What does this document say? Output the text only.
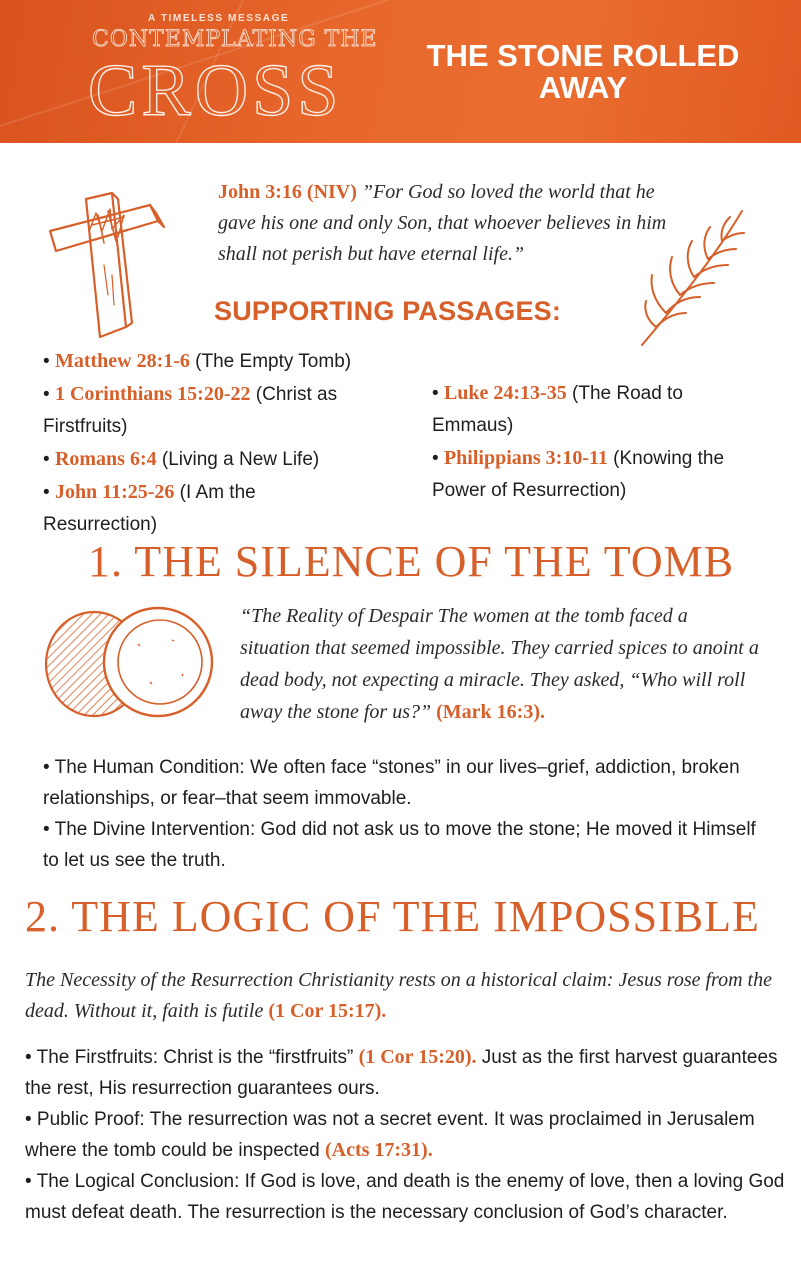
A TIMELESS MESSAGE
CONTEMPLATING THE
CROSS	THE STONE ROLLED AWAY
John 3:16 (NIV) ”For God so loved the world that he gave his one and only Son, that whoever believes in him shall not perish but have eternal life.”
SUPPORTING PASSAGES:

• Matthew 28:1-6 (The Empty Tomb)

• 1 Corinthians 15:20-22 (Christ as Firstfruits)

• Romans 6:4 (Living a New Life)

• John 11:25-26 (I Am the Resurrection)

• Luke 24:13-35 (The Road to Emmaus)

• Philippians 3:10-11 (Knowing the Power of Resurrection)

1. THE SILENCE OF THE TOMB
“The Reality of Despair The women at the tomb faced a situation that seemed impossible. They carried spices to anoint a dead body, not expecting a miracle. They asked, “Who will roll away the stone for us?” (Mark 16:3).

• The Human Condition: We often face “stones” in our lives–grief, addiction, broken relationships, or fear–that seem immovable.

• The Divine Intervention: God did not ask us to move the stone; He moved it Himself to let us see the truth.

2. THE LOGIC OF THE IMPOSSIBLE
The Necessity of the Resurrection Christianity rests on a historical claim: Jesus rose from the dead. Without it, faith is futile (1 Cor 15:17).

• The Firstfruits: Christ is the “firstfruits” (1 Cor 15:20). Just as the first harvest guarantees the rest, His resurrection guarantees ours.

• Public Proof: The resurrection was not a secret event. It was proclaimed in Jerusalem where the tomb could be inspected (Acts 17:31).

• The Logical Conclusion: If God is love, and death is the enemy of love, then a loving God must defeat death. The resurrection is the necessary conclusion of God’s character.
